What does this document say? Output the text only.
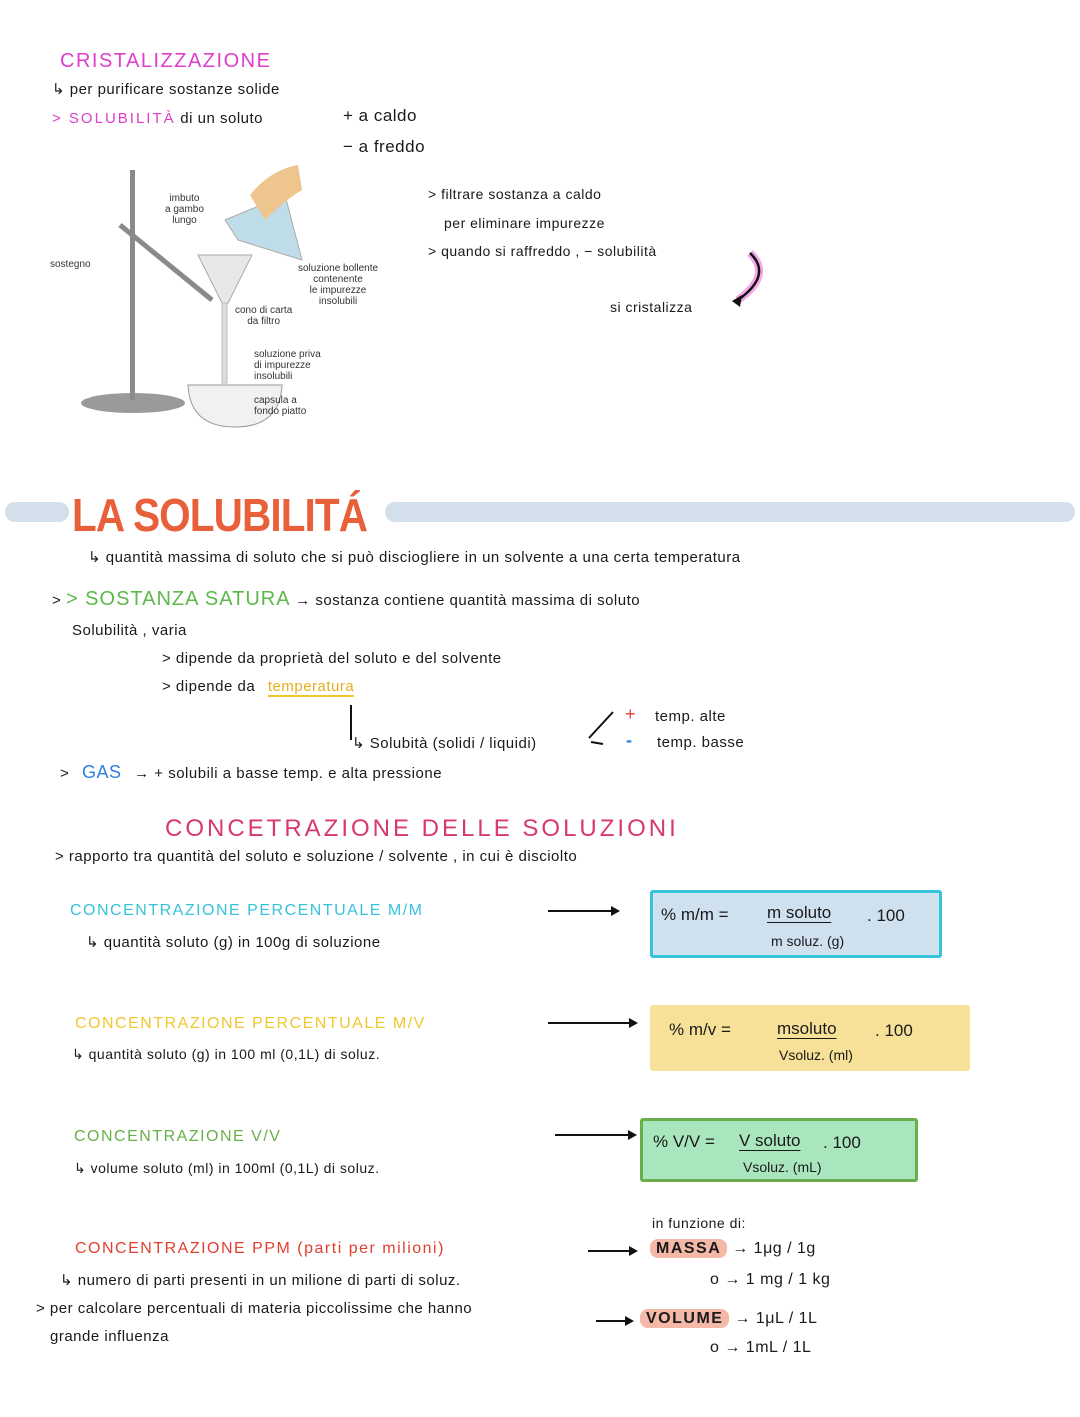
CRISTALIZZAZIONE
↳ per purificare sostanze solide
> SOLUBILITÀ di un soluto	+ a caldo
− a freddo
imbuto
a gambo
lungo
sostegno	soluzione bollente
contenente
le impurezze
insolubili
cono di carta
da filtro
soluzione priva
di impurezze
insolubili
capsula a
fondo piatto
> filtrare sostanza a caldo
per eliminare impurezze
> quando si raffreddo , − solubilità
si cristalizza
LA SOLUBILITÁ
↳ quantità massima di soluto che si può disciogliere in un solvente a una certa temperatura
> > SOSTANZA SATURA → sostanza contiene quantità massima di soluto
Solubilità , varia
> dipende da proprietà del soluto e del solvente
> dipende da temperatura
↳ Solubità (solidi / liquidi)
+ temp. alte
- temp. basse
> GAS → + solubili a basse temp. e alta pressione
CONCETRAZIONE DELLE SOLUZIONI
> rapporto tra quantità del soluto e soluzione / solvente , in cui è disciolto
CONCENTRAZIONE PERCENTUALE M/M
↳ quantità soluto (g) in 100g di soluzione
% m/m = m soluto
m soluz. (g)
. 100
CONCENTRAZIONE PERCENTUALE M/V
↳ quantità soluto (g) in 100 ml (0,1L) di soluz.
% m/v =	msoluto
Vsoluz. (ml)
. 100
CONCENTRAZIONE V/V
↳ volume soluto (ml) in 100ml (0,1L) di soluz.
% V/V = V soluto
Vsoluz. (mL)
. 100
CONCENTRAZIONE PPM (parti per milioni)
↳ numero di parti presenti in un milione di parti di soluz.
> per calcolare percentuali di materia piccolissime che hanno
grande influenza
in funzione di:
MASSA → 1μg / 1g
o → 1 mg / 1 kg
VOLUME → 1μL / 1L
o → 1mL / 1L
